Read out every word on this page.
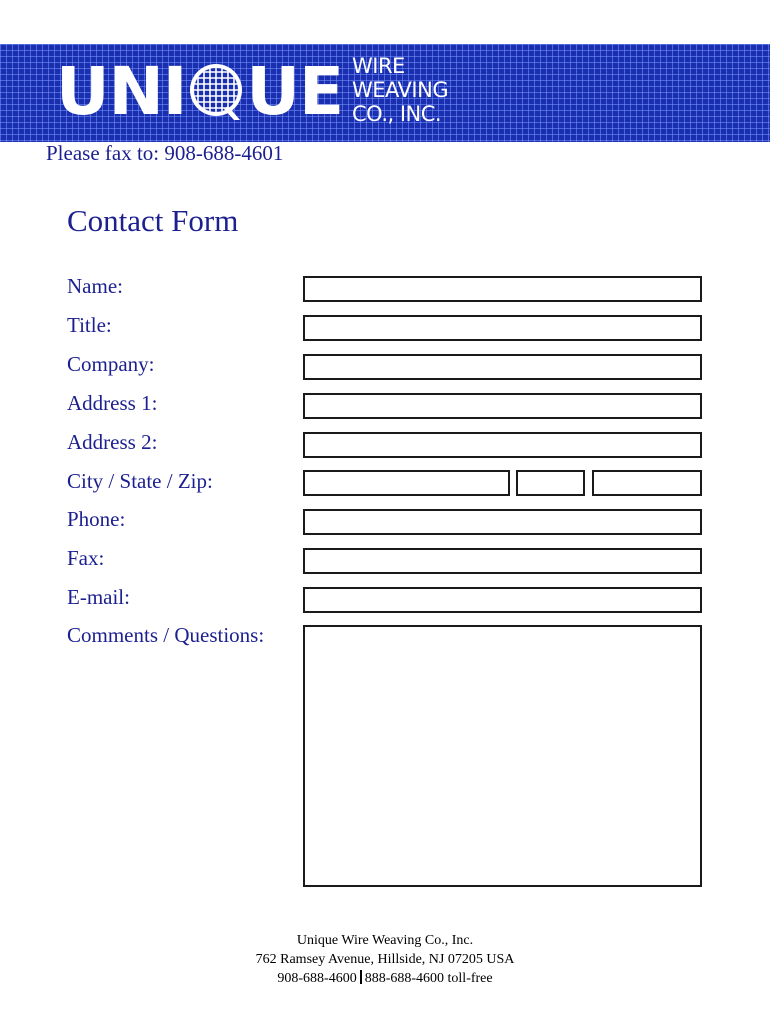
UNI UE WIRE
WEAVING
CO., INC.
Please fax to: 908-688-4601
Contact Form
Name:
Title:
Company:
Address 1:
Address 2:
City / State / Zip:
Phone:
Fax:
E-mail:
Comments / Questions:
Unique Wire Weaving Co., Inc.
762 Ramsey Avenue, Hillside, NJ 07205 USA
908-688-4600 888-688-4600 toll-free
